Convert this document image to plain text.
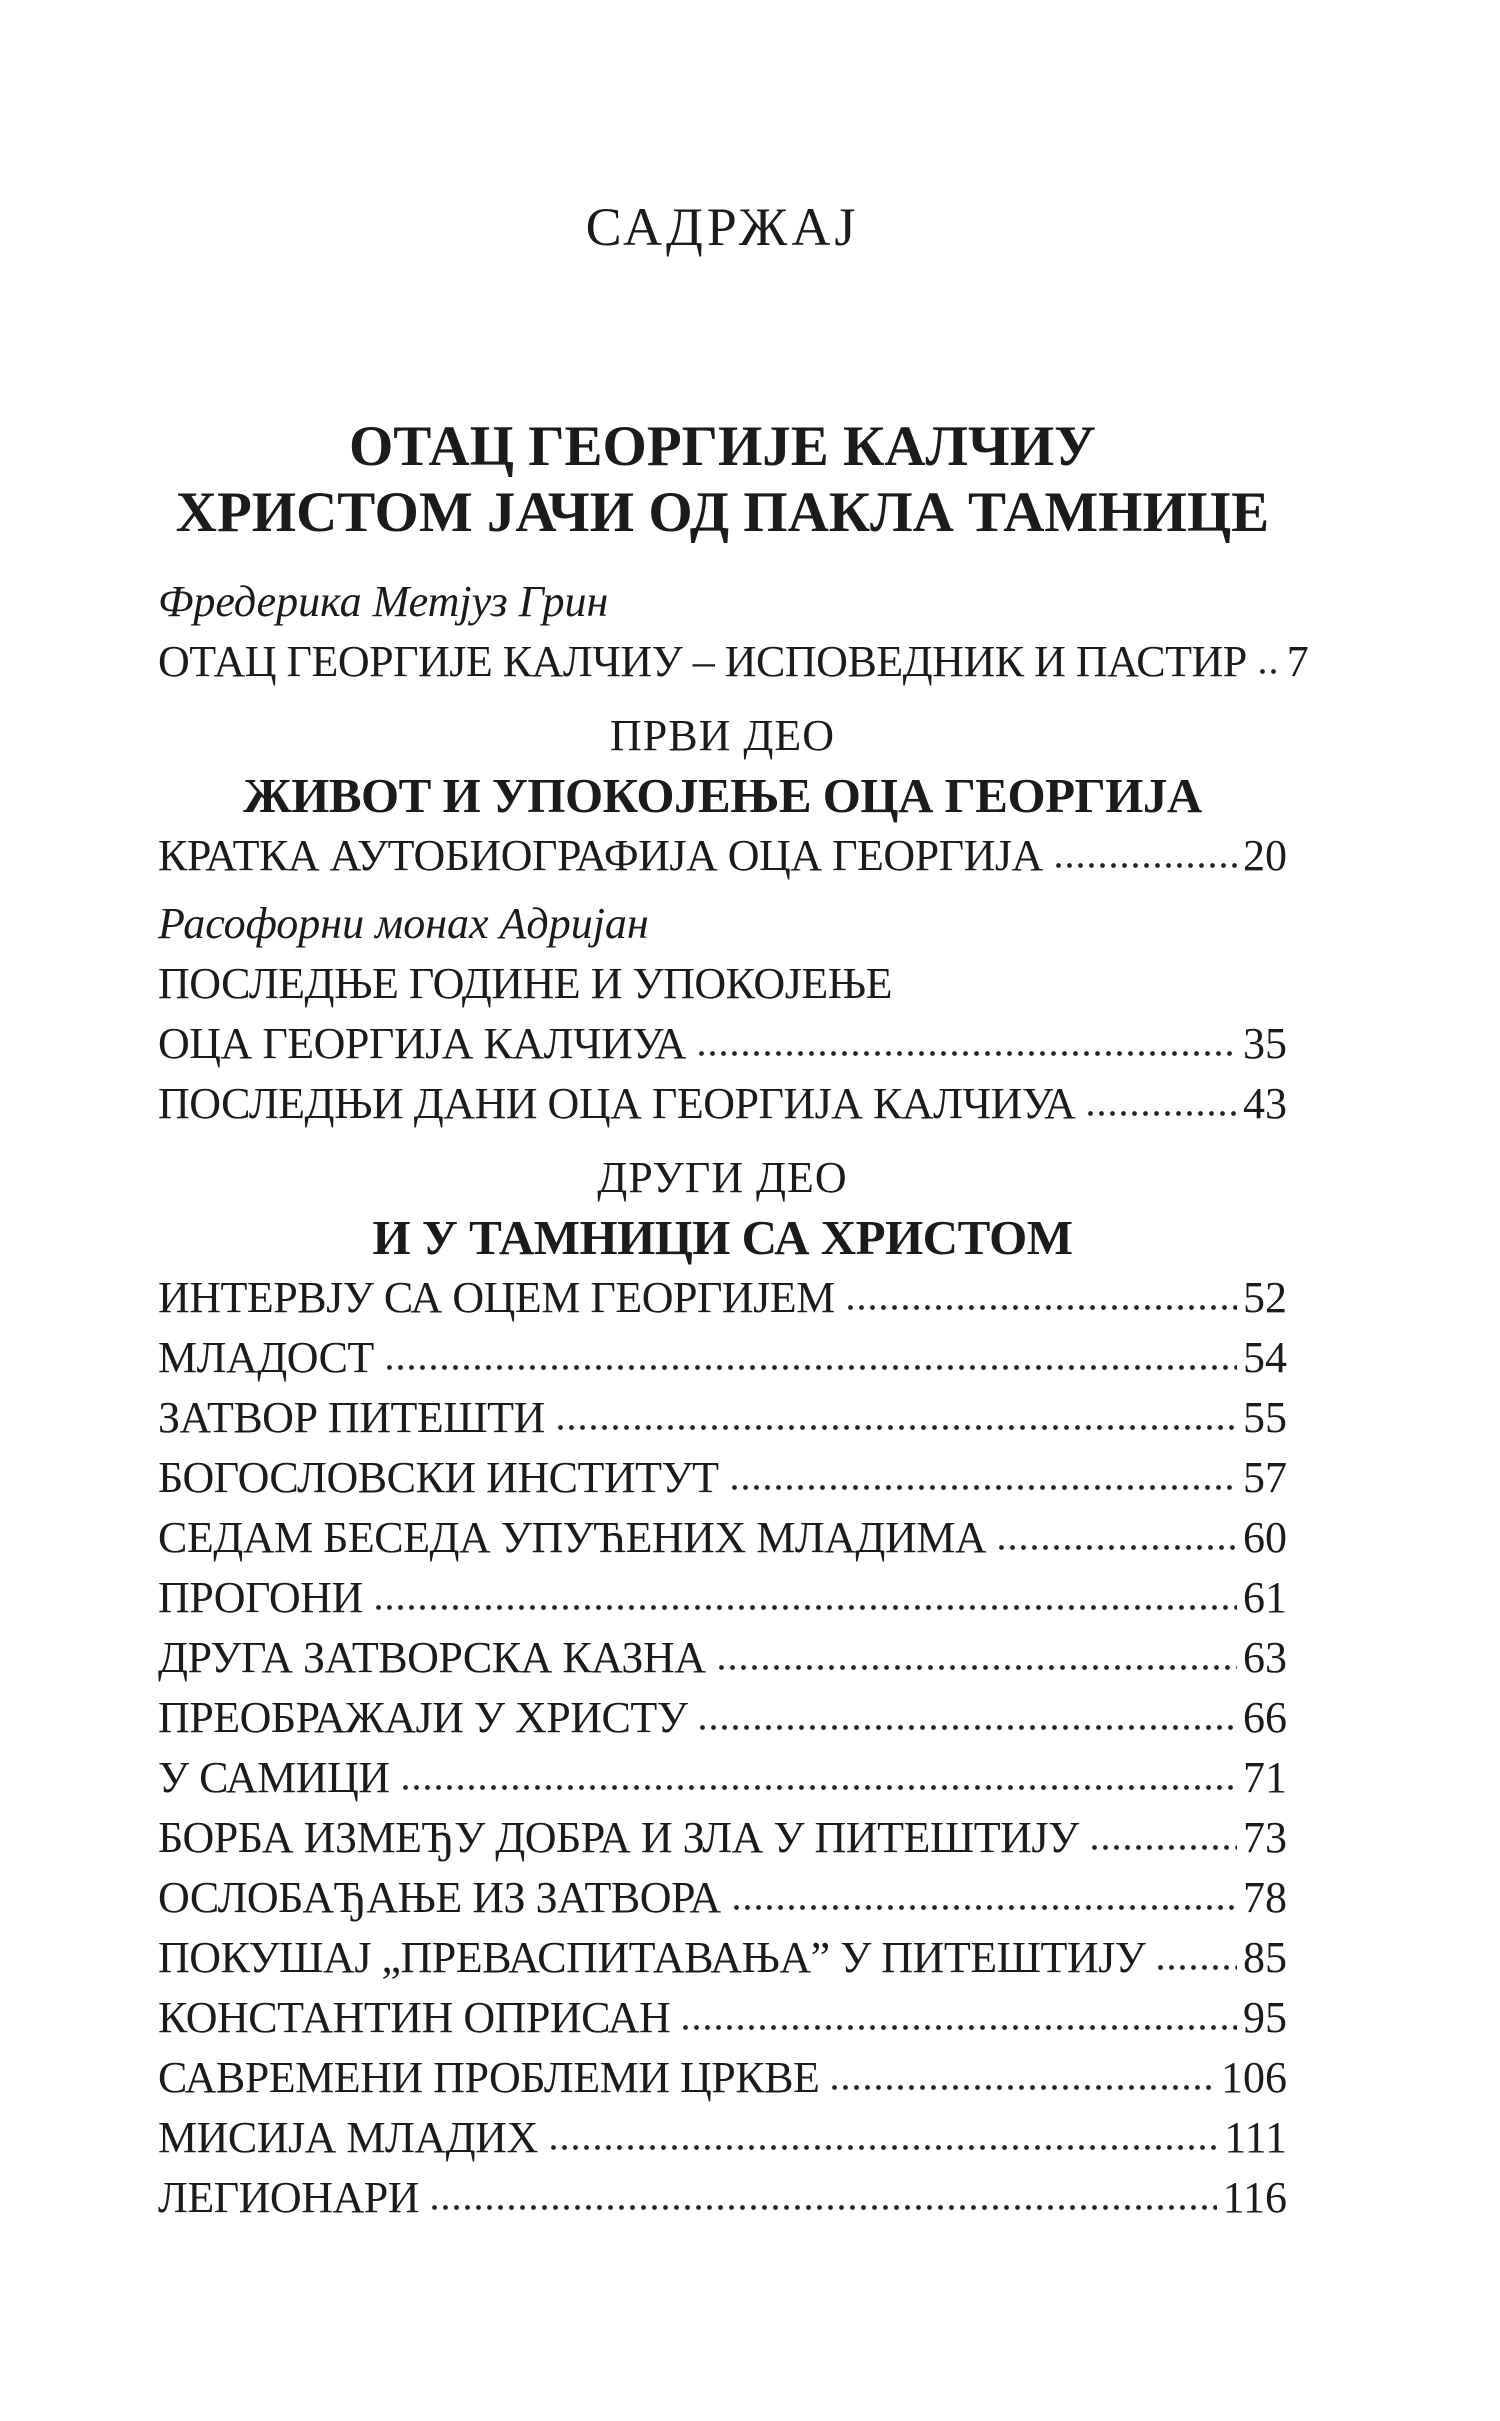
САДРЖАЈ
ОТАЦ ГЕОРГИЈЕ КАЛЧИУ
ХРИСТОМ ЈАЧИ ОД ПАКЛА ТАМНИЦЕ
Фредерика Метјуз Грин
ОТАЦ ГЕОРГИЈЕ КАЛЧИУ – ИСПОВЕДНИК И ПАСТИР 7
ПРВИ ДЕО
ЖИВОТ И УПОКОЈЕЊЕ ОЦА ГЕОРГИЈА
КРАТКА АУТОБИОГРАФИЈА ОЦА ГЕОРГИЈА	20
Расофорни монах Адријан
ПОСЛЕДЊЕ ГОДИНЕ И УПОКОЈЕЊЕ
ОЦА ГЕОРГИЈА КАЛЧИУА	35
ПОСЛЕДЊИ ДАНИ ОЦА ГЕОРГИЈА КАЛЧИУА	43
ДРУГИ ДЕО
И У ТАМНИЦИ СА ХРИСТОМ
ИНТЕРВЈУ СА ОЦЕМ ГЕОРГИЈЕМ	52
МЛАДОСТ	54
ЗАТВОР ПИТЕШТИ	55
БОГОСЛОВСКИ ИНСТИТУТ	57
СЕДАМ БЕСЕДА УПУЋЕНИХ МЛАДИМА	60
ПРОГОНИ	61
ДРУГА ЗАТВОРСКА КАЗНА	63
ПРЕОБРАЖАЈИ У ХРИСТУ	66
У САМИЦИ	71
БОРБА ИЗМЕЂУ ДОБРА И ЗЛА У ПИТЕШТИЈУ	73
ОСЛОБАЂАЊЕ ИЗ ЗАТВОРА	78
ПОКУШАЈ „ПРЕВАСПИТАВАЊА” У ПИТЕШТИЈУ 85
КОНСТАНТИН ОПРИСАН	95
САВРЕМЕНИ ПРОБЛЕМИ ЦРКВЕ	106
МИСИЈА МЛАДИХ	111
ЛЕГИОНАРИ	116
